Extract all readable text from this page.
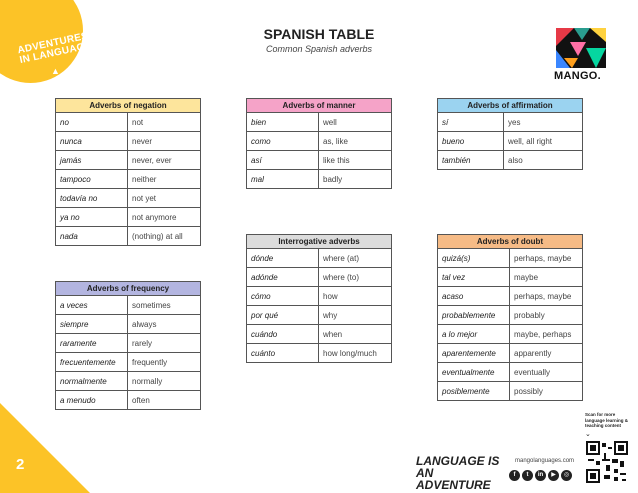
ADVENTURES IN LANGUAGE
▲
2
SPANISH TABLE
Common Spanish adverbs
MANGO.
Adverbs of negation	
no	not
nunca	never
jamás	never, ever
tampoco	neither
todavía no	not yet
ya no	not anymore
nada	(nothing) at all
Adverbs of manner	
bien	well
como	as, like
así	like this
mal	badly
Adverbs of affirmation	
sí	yes
bueno	well, all right
también	also
Adverbs of frequency	
a veces	sometimes
siempre	always
raramente	rarely
frecuentemente	frequently
normalmente	normally
a menudo	often
Interrogative adverbs	
dónde	where (at)
adónde	where (to)
cómo	how
por qué	why
cuándo	when
cuánto	how long/much
Adverbs of doubt	
quizá(s)	perhaps, maybe
tal vez	maybe
acaso	perhaps, maybe
probablemente	probably
a lo mejor	maybe, perhaps
aparentemente	apparently
eventualmente	eventually
posiblemente	possibly
LANGUAGE IS AN ADVENTURE
mangolanguages.com
f	t	in	▶	◎
Scan for more language learning & teaching content
⌄
